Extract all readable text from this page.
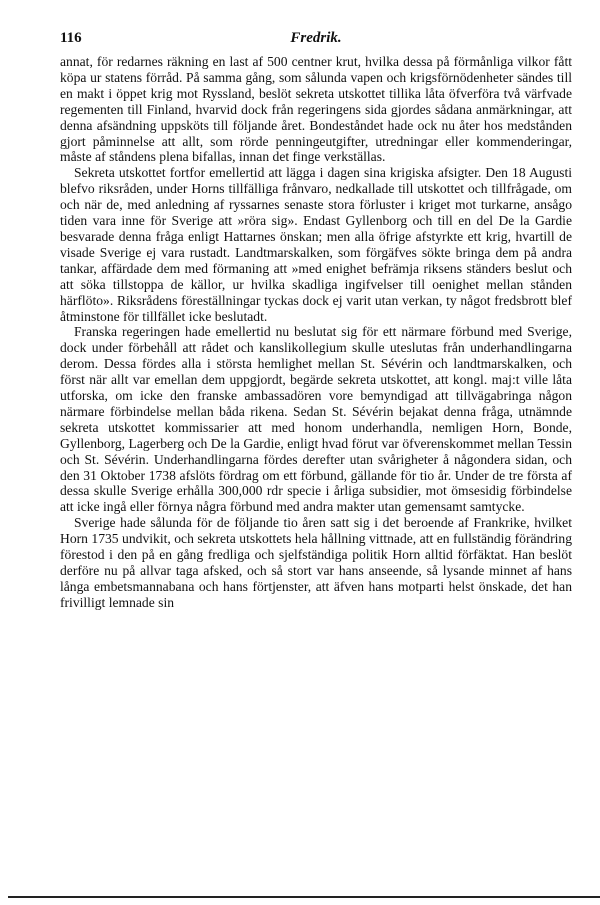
116	Fredrik.

annat, för redarnes räkning en last af 500 centner krut, hvilka dessa på förmånliga vilkor fått köpa ur statens förråd. På samma gång, som sålunda vapen och krigsförnödenheter sändes till en makt i öppet krig mot Ryssland, beslöt sekreta utskottet tillika låta öfverföra två värfvade regementen till Finland, hvarvid dock från regeringens sida gjordes sådana anmärkningar, att denna afsändning uppsköts till följande året. Bondeståndet hade ock nu åter hos medstånden gjort påminnelse att allt, som rörde penningeutgifter, utredningar eller kommenderingar, måste af ståndens plena bifallas, innan det finge verkställas.

Sekreta utskottet fortfor emellertid att lägga i dagen sina krigiska afsigter. Den 18 Augusti blefvo riksråden, under Horns tillfälliga frånvaro, nedkallade till utskottet och tillfrågade, om och när de, med anledning af ryssarnes senaste stora förluster i kriget mot turkarne, ansågo tiden vara inne för Sverige att »röra sig». Endast Gyllenborg och till en del De la Gardie besvarade denna fråga enligt Hattarnes önskan; men alla öfrige afstyrkte ett krig, hvartill de visade Sverige ej vara rustadt. Landtmarskalken, som förgäfves sökte bringa dem på andra tankar, affärdade dem med förmaning att »med enighet befrämja riksens ständers beslut och att söka tillstoppa de källor, ur hvilka skadliga ingifvelser till oenighet mellan stånden härflöto». Riksrådens föreställningar tyckas dock ej varit utan verkan, ty något fredsbrott blef åtminstone för tillfället icke beslutadt.

Franska regeringen hade emellertid nu beslutat sig för ett närmare förbund med Sverige, dock under förbehåll att rådet och kanslikollegium skulle uteslutas från underhandlingarna derom. Dessa fördes alla i största hemlighet mellan St. Sévérin och landtmarskalken, och först när allt var emellan dem uppgjordt, begärde sekreta utskottet, att kongl. maj:t ville låta utforska, om icke den franske ambassadören vore bemyndigad att tillvägabringa någon närmare förbindelse mellan båda rikena. Sedan St. Sévérin bejakat denna fråga, utnämnde sekreta utskottet kommissarier att med honom underhandla, nemligen Horn, Bonde, Gyllenborg, Lagerberg och De la Gardie, enligt hvad förut var öfverenskommet mellan Tessin och St. Sévérin. Underhandlingarna fördes derefter utan svårigheter å någondera sidan, och den 31 Oktober 1738 afslöts fördrag om ett förbund, gällande för tio år. Under de tre första af dessa skulle Sverige erhålla 300,000 rdr specie i årliga subsidier, mot ömsesidig förbindelse att icke ingå eller förnya några förbund med andra makter utan gemensamt samtycke.

Sverige hade sålunda för de följande tio åren satt sig i det beroende af Frankrike, hvilket Horn 1735 undvikit, och sekreta utskottets hela hållning vittnade, att en fullständig förändring förestod i den på en gång fredliga och sjelfständiga politik Horn alltid förfäktat. Han beslöt derföre nu på allvar taga afsked, och så stort var hans anseende, så lysande minnet af hans långa embetsmannabana och hans förtjenster, att äfven hans motparti helst önskade, det han frivilligt lemnade sin
